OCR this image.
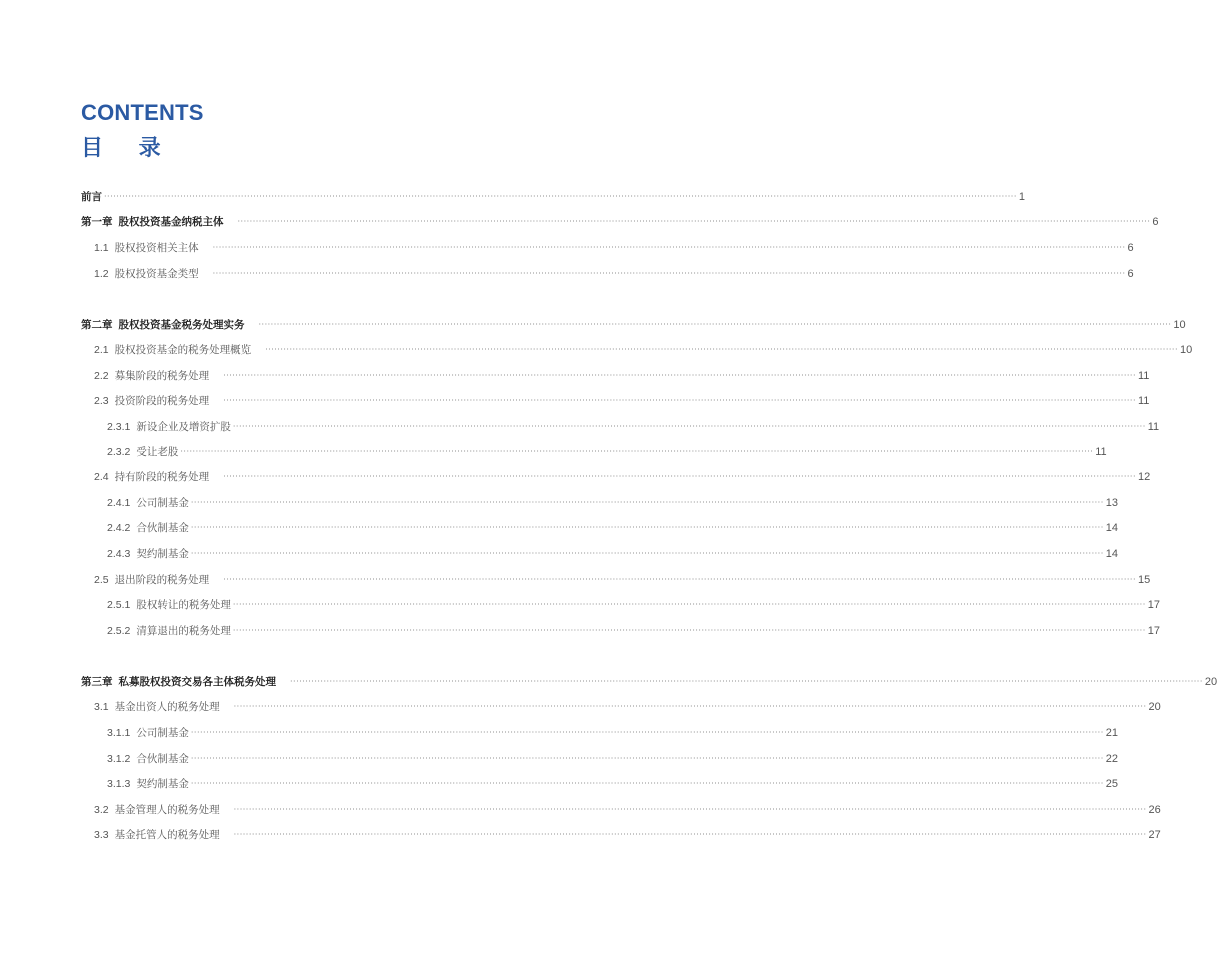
CONTENTS
目 录
前言 ············································································································································································································································································································ 1
第一章 股权投资基金纳税主体	············································································································································································································································································································ 6
1.1 股权投资相关主体	············································································································································································································································································································ 6
1.2 股权投资基金类型	············································································································································································································································································································ 6
第二章 股权投资基金税务处理实务	············································································································································································································································································································ 10
2.1 股权投资基金的税务处理概览	············································································································································································································································································································ 10
2.2 募集阶段的税务处理	············································································································································································································································································································ 11
2.3 投资阶段的税务处理	············································································································································································································································································································ 11
2.3.1 新设企业及增资扩股 ············································································································································································································································································································ 11
2.3.2 受让老股 ············································································································································································································································································································ 11
2.4 持有阶段的税务处理	············································································································································································································································································································ 12
2.4.1 公司制基金 ············································································································································································································································································································ 13
2.4.2 合伙制基金 ············································································································································································································································································································ 14
2.4.3 契约制基金 ············································································································································································································································································································ 14
2.5 退出阶段的税务处理	············································································································································································································································································································ 15
2.5.1 股权转让的税务处理 ············································································································································································································································································································ 17
2.5.2 清算退出的税务处理 ············································································································································································································································································································ 17
第三章 私募股权投资交易各主体税务处理	············································································································································································································································································································ 20
3.1 基金出资人的税务处理	············································································································································································································································································································ 20
3.1.1 公司制基金 ············································································································································································································································································································ 21
3.1.2 合伙制基金 ············································································································································································································································································································ 22
3.1.3 契约制基金 ············································································································································································································································································································ 25
3.2 基金管理人的税务处理	············································································································································································································································································································ 26
3.3 基金托管人的税务处理	············································································································································································································································································································ 27
